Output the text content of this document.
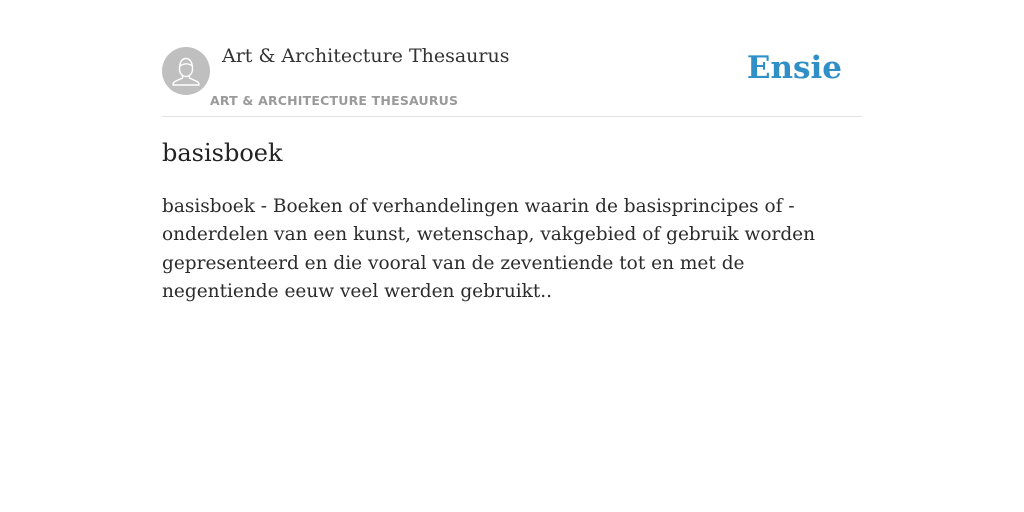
Art & Architecture Thesaurus
ART & ARCHITECTURE THESAURUS
Ensie
basisboek

basisboek - Boeken of verhandelingen waarin de basisprincipes of -onderdelen van een kunst, wetenschap, vakgebied of gebruik worden gepresenteerd en die vooral van de zeventiende tot en met de negentiende eeuw veel werden gebruikt..
